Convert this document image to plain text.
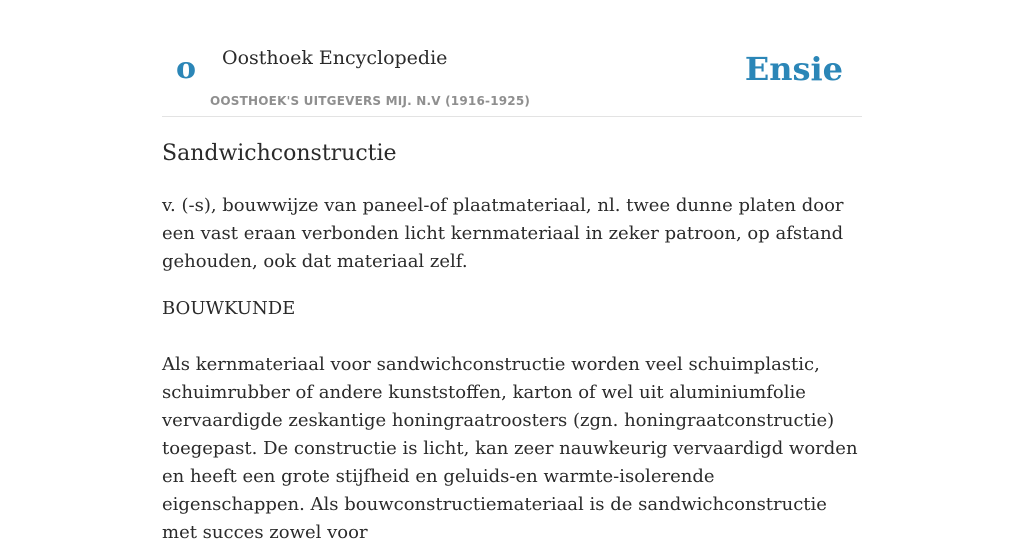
o Oosthoek Encyclopedie
OOSTHOEK'S UITGEVERS MIJ. N.V (1916-1925)
Ensie
Sandwichconstructie

v. (-s), bouwwijze van paneel-of plaatmateriaal, nl. twee dunne platen door een vast eraan verbonden licht kernmateriaal in zeker patroon, op afstand gehouden, ook dat materiaal zelf.

BOUWKUNDE

Als kernmateriaal voor sandwichconstructie worden veel schuimplastic, schuimrubber of andere kunststoffen, karton of wel uit aluminiumfolie vervaardigde zeskantige honingraatroosters (zgn. honingraatconstructie) toegepast. De constructie is licht, kan zeer nauwkeurig vervaardigd worden en heeft een grote stijfheid en geluids-en warmte-isolerende eigenschappen. Als bouwconstructiemateriaal is de sandwichconstructie met succes zowel voor
